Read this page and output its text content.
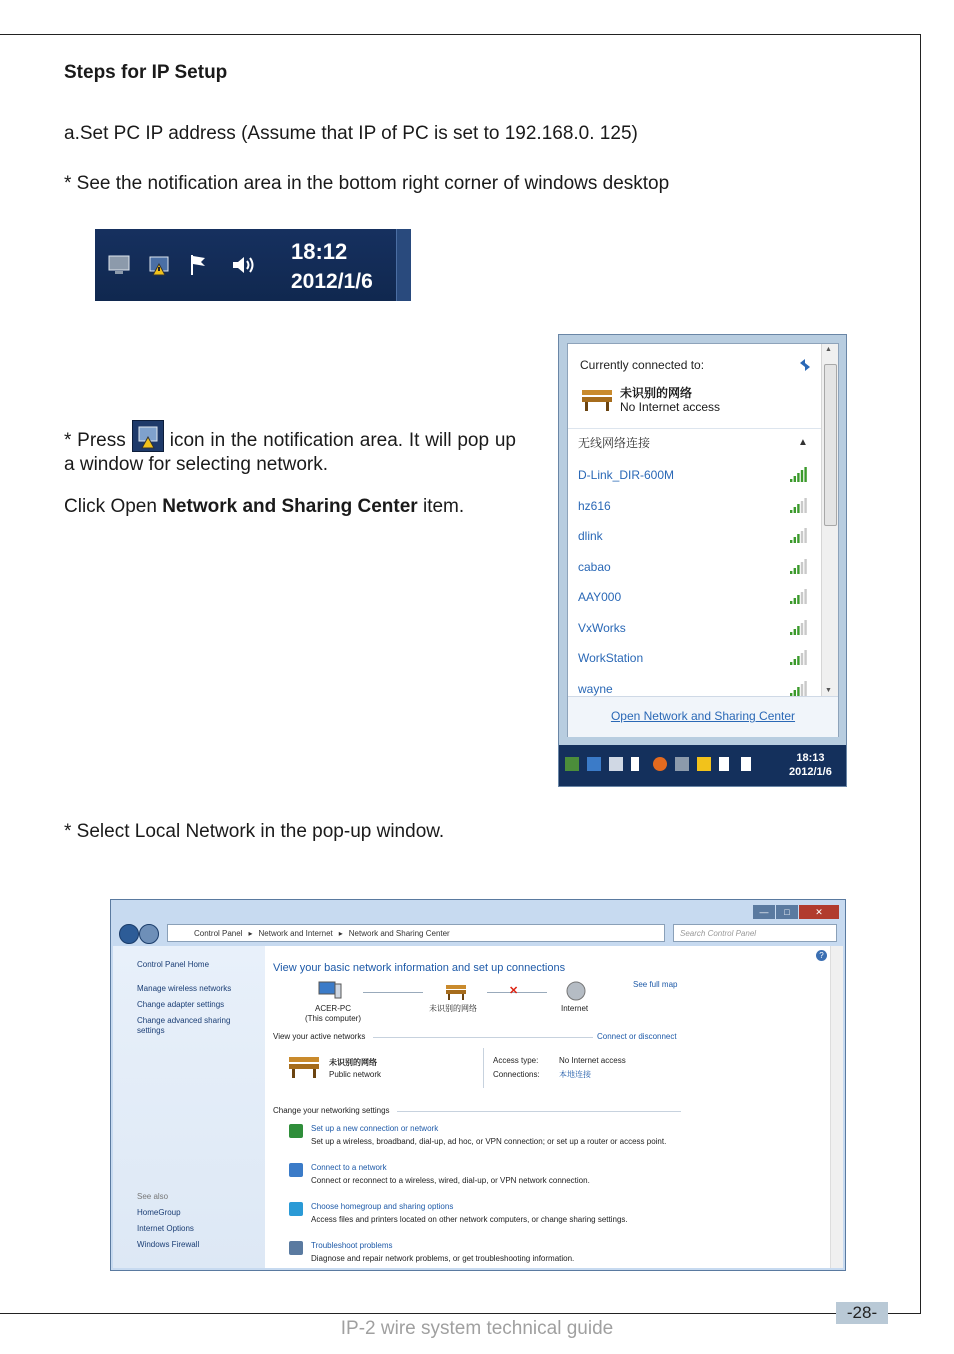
Steps for IP Setup
a.Set PC IP address (Assume that IP of PC is set to 192.168.0. 125)
* See the notification area in the bottom right corner of windows desktop
18:12
2012/1/6
* Press icon in the notification area. It will pop up a window for selecting network.
Click Open Network and Sharing Center item.
Currently connected to:
未识别的网络
No Internet access
无线网络连接	▲
D-Link_DIR-600M
hz616
dlink
cabao
AAY000
VxWorks
WorkStation
wayne
▲
▼
Open Network and Sharing Center
18:13
2012/1/6
* Select Local Network in the pop-up window.
— □	✕
Control Panel ▸ Network and Internet ▸ Network and Sharing Center	Search Control Panel
Control Panel Home
Manage wireless networks
Change adapter settings
Change advanced sharing settings
See also
HomeGroup
Internet Options
Windows Firewall
View your basic network information and set up connections
See full map
ACER-PC
(This computer)
未识别的网络
✕
Internet
View your active networks	Connect or disconnect
未识别的网络
Public network
Access type:	No Internet access
Connections: 本地连接
Change your networking settings
Set up a new connection or network
Set up a wireless, broadband, dial-up, ad hoc, or VPN connection; or set up a router or access point.
Connect to a network
Connect or reconnect to a wireless, wired, dial-up, or VPN network connection.
Choose homegroup and sharing options
Access files and printers located on other network computers, or change sharing settings.
Troubleshoot problems
Diagnose and repair network problems, or get troubleshooting information.
?
-28-
IP-2 wire system technical guide
